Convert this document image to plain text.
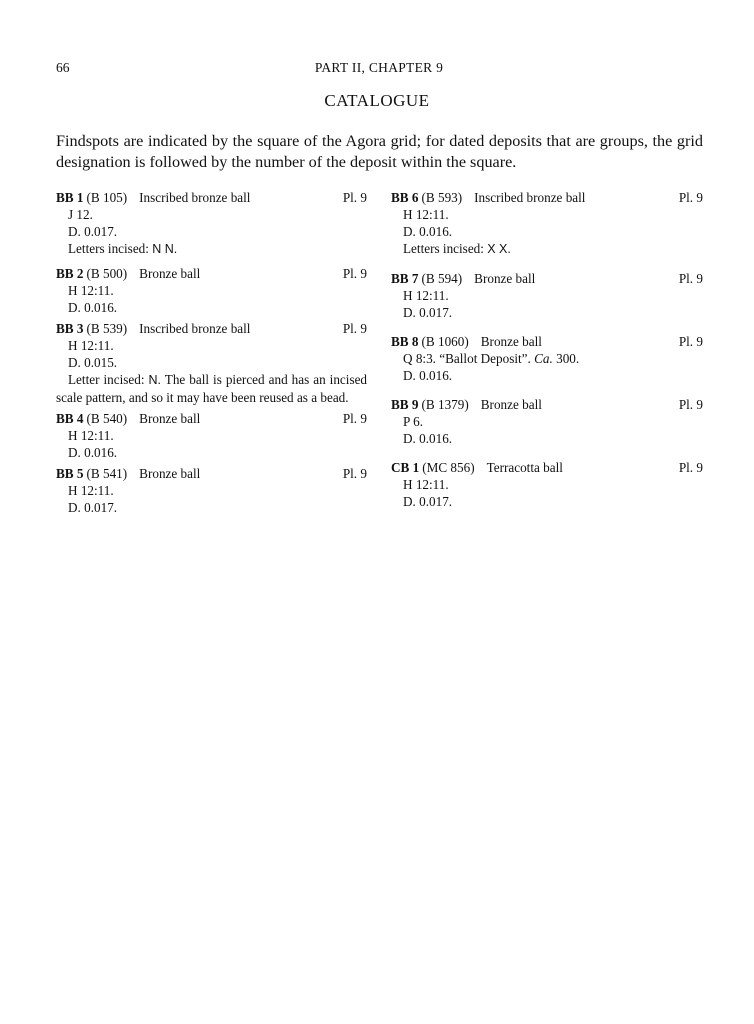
66	PART II, CHAPTER 9
CATALOGUE

Findspots are indicated by the square of the Agora grid; for dated deposits that are groups, the grid designation is followed by the number of the deposit within the square.

BB 1 (B 105) Inscribed bronze ball	Pl. 9
J 12.
D. 0.017.
Letters incised: N N.
BB 2 (B 500) Bronze ball	Pl. 9
H 12:11.
D. 0.016.
BB 3 (B 539) Inscribed bronze ball	Pl. 9
H 12:11.
D. 0.015.
Letter incised: N. The ball is pierced and has an incised scale pattern, and so it may have been reused as a bead.
BB 4 (B 540) Bronze ball	Pl. 9
H 12:11.
D. 0.016.
BB 5 (B 541) Bronze ball	Pl. 9
H 12:11.
D. 0.017.
BB 6 (B 593) Inscribed bronze ball	Pl. 9
H 12:11.
D. 0.016.
Letters incised: X X.
BB 7 (B 594) Bronze ball	Pl. 9
H 12:11.
D. 0.017.
BB 8 (B 1060) Bronze ball	Pl. 9
Q 8:3. “Ballot Deposit”. Ca. 300.
D. 0.016.
BB 9 (B 1379) Bronze ball	Pl. 9
P 6.
D. 0.016.
CB 1 (MC 856) Terracotta ball	Pl. 9
H 12:11.
D. 0.017.
